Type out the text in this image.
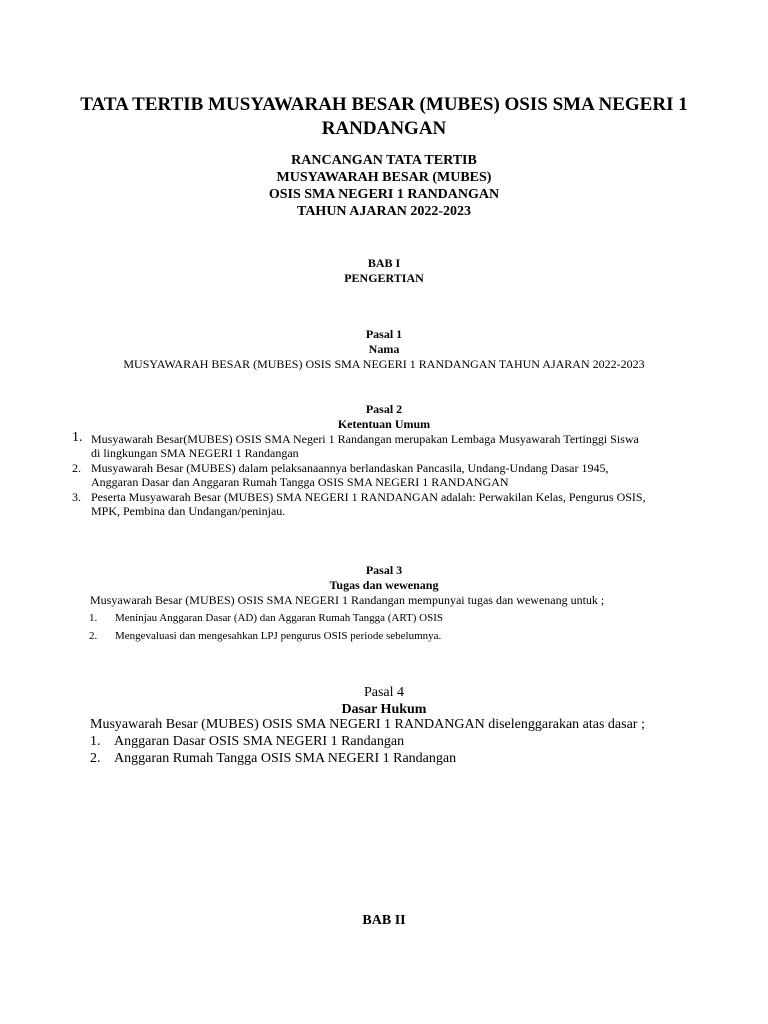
TATA TERTIB MUSYAWARAH BESAR (MUBES) OSIS SMA NEGERI 1 RANDANGAN
RANCANGAN TATA TERTIB
MUSYAWARAH BESAR (MUBES)
OSIS SMA NEGERI 1 RANDANGAN
TAHUN AJARAN 2022-2023
BAB I
PENGERTIAN
Pasal 1
Nama
MUSYAWARAH BESAR (MUBES) OSIS SMA NEGERI 1 RANDANGAN TAHUN AJARAN 2022-2023
Pasal 2
Ketentuan Umum
1. Musyawarah Besar(MUBES) OSIS SMA Negeri 1 Randangan merupakan Lembaga Musyawarah Tertinggi Siswa
di lingkungan SMA NEGERI 1 Randangan
2. Musyawarah Besar (MUBES) dalam pelaksanaannya berlandaskan Pancasila, Undang-Undang Dasar 1945,
Anggaran Dasar dan Anggaran Rumah Tangga OSIS SMA NEGERI 1 RANDANGAN
3. Peserta Musyawarah Besar (MUBES) SMA NEGERI 1 RANDANGAN adalah: Perwakilan Kelas, Pengurus OSIS,
MPK, Pembina dan Undangan/peninjau.
Pasal 3
Tugas dan wewenang
Musyawarah Besar (MUBES) OSIS SMA NEGERI 1 Randangan mempunyai tugas dan wewenang untuk ;
1. Meninjau Anggaran Dasar (AD) dan Aggaran Rumah Tangga (ART) OSIS
2. Mengevaluasi dan mengesahkan LPJ pengurus OSIS periode sebelumnya.
Pasal 4
Dasar Hukum
Musyawarah Besar (MUBES) OSIS SMA NEGERI 1 RANDANGAN diselenggarakan atas dasar ;
1. Anggaran Dasar OSIS SMA NEGERI 1 Randangan
2. Anggaran Rumah Tangga OSIS SMA NEGERI 1 Randangan
BAB II
